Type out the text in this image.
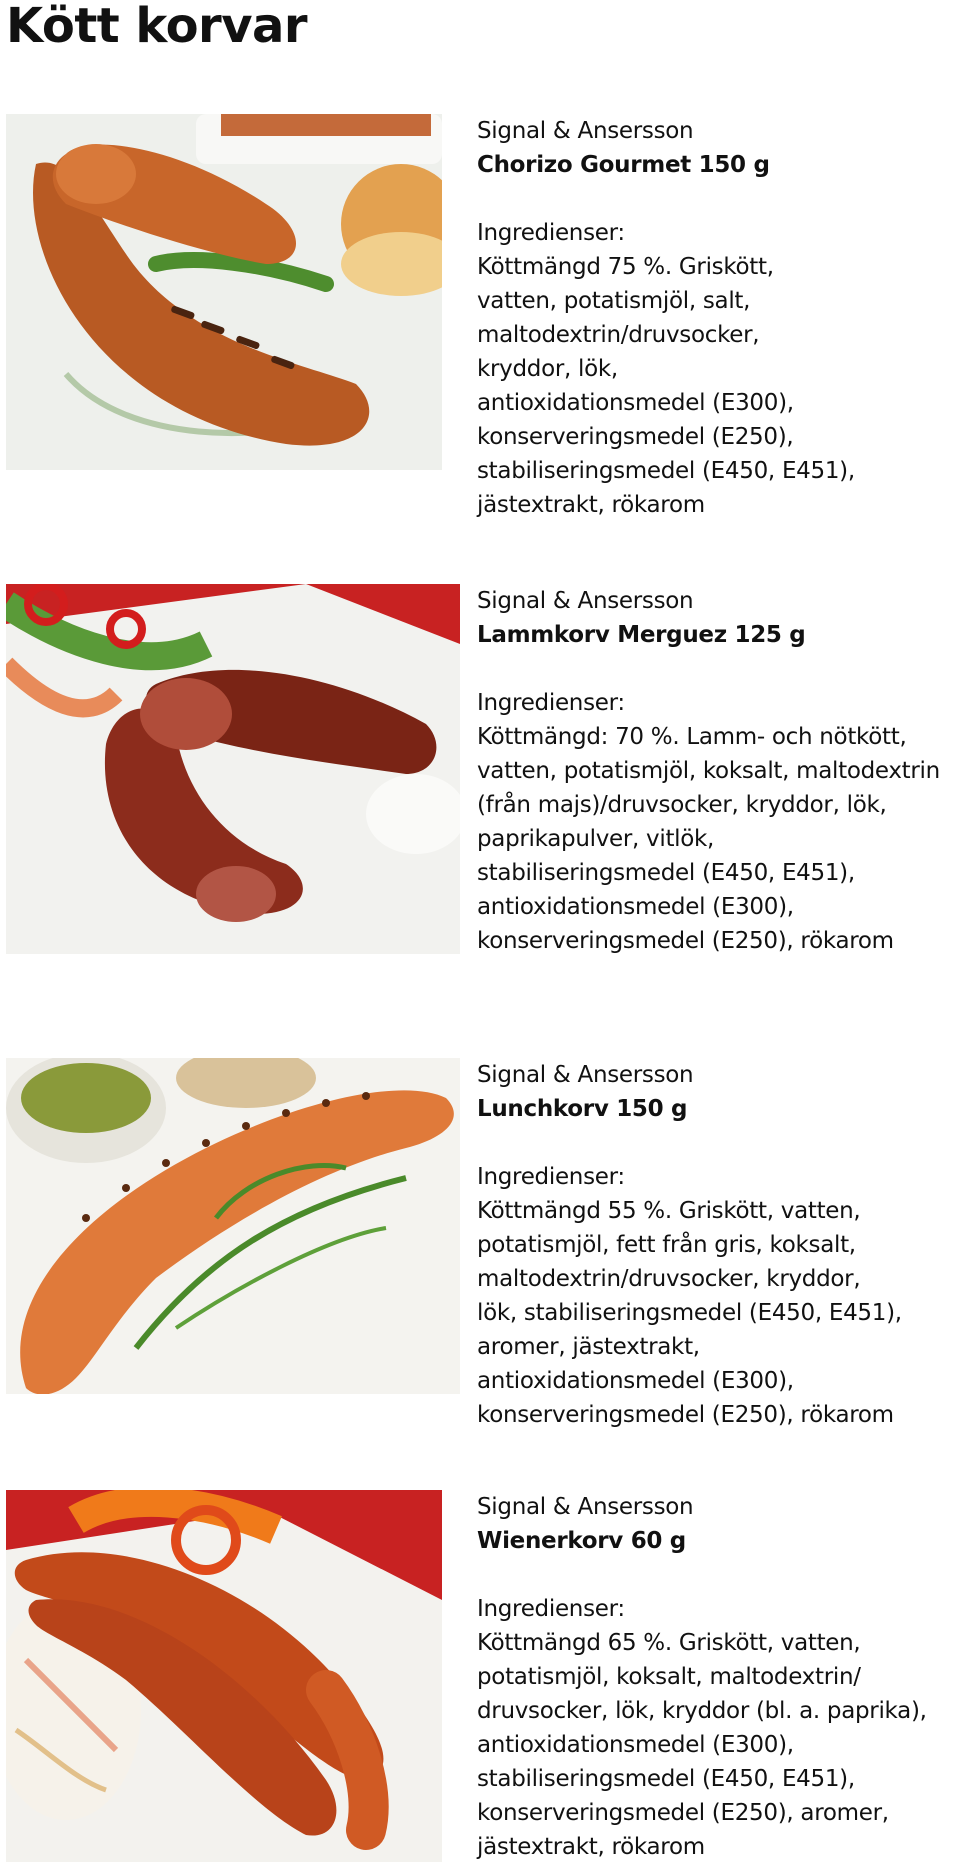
Kött korvar

Signal & Ansersson

Chorizo Gourmet 150 g

Ingredienser:

Köttmängd 75 %. Griskött,
vatten, potatismjöl, salt,
maltodextrin/druvsocker,
kryddor, lök,
antioxidationsmedel (E300),
konserveringsmedel (E250),
stabiliseringsmedel (E450, E451),
jästextrakt, rökarom

Signal & Ansersson

Lammkorv Merguez 125 g

Ingredienser:

Köttmängd: 70 %. Lamm- och nötkött,
vatten, potatismjöl, koksalt, maltodextrin
(från majs)/druvsocker, kryddor, lök,
paprikapulver, vitlök,
stabiliseringsmedel (E450, E451),
antioxidationsmedel (E300),
konserveringsmedel (E250), rökarom

Signal & Ansersson

Lunchkorv 150 g

Ingredienser:

Köttmängd 55 %. Griskött, vatten,
potatismjöl, fett från gris, koksalt,
maltodextrin/druvsocker, kryddor,
lök, stabiliseringsmedel (E450, E451),
aromer, jästextrakt,
antioxidationsmedel (E300),
konserveringsmedel (E250), rökarom

Signal & Ansersson

Wienerkorv 60 g

Ingredienser:

Köttmängd 65 %. Griskött, vatten,
potatismjöl, koksalt, maltodextrin/
druvsocker, lök, kryddor (bl. a. paprika),
antioxidationsmedel (E300),
stabiliseringsmedel (E450, E451),
konserveringsmedel (E250), aromer,
jästextrakt, rökarom
